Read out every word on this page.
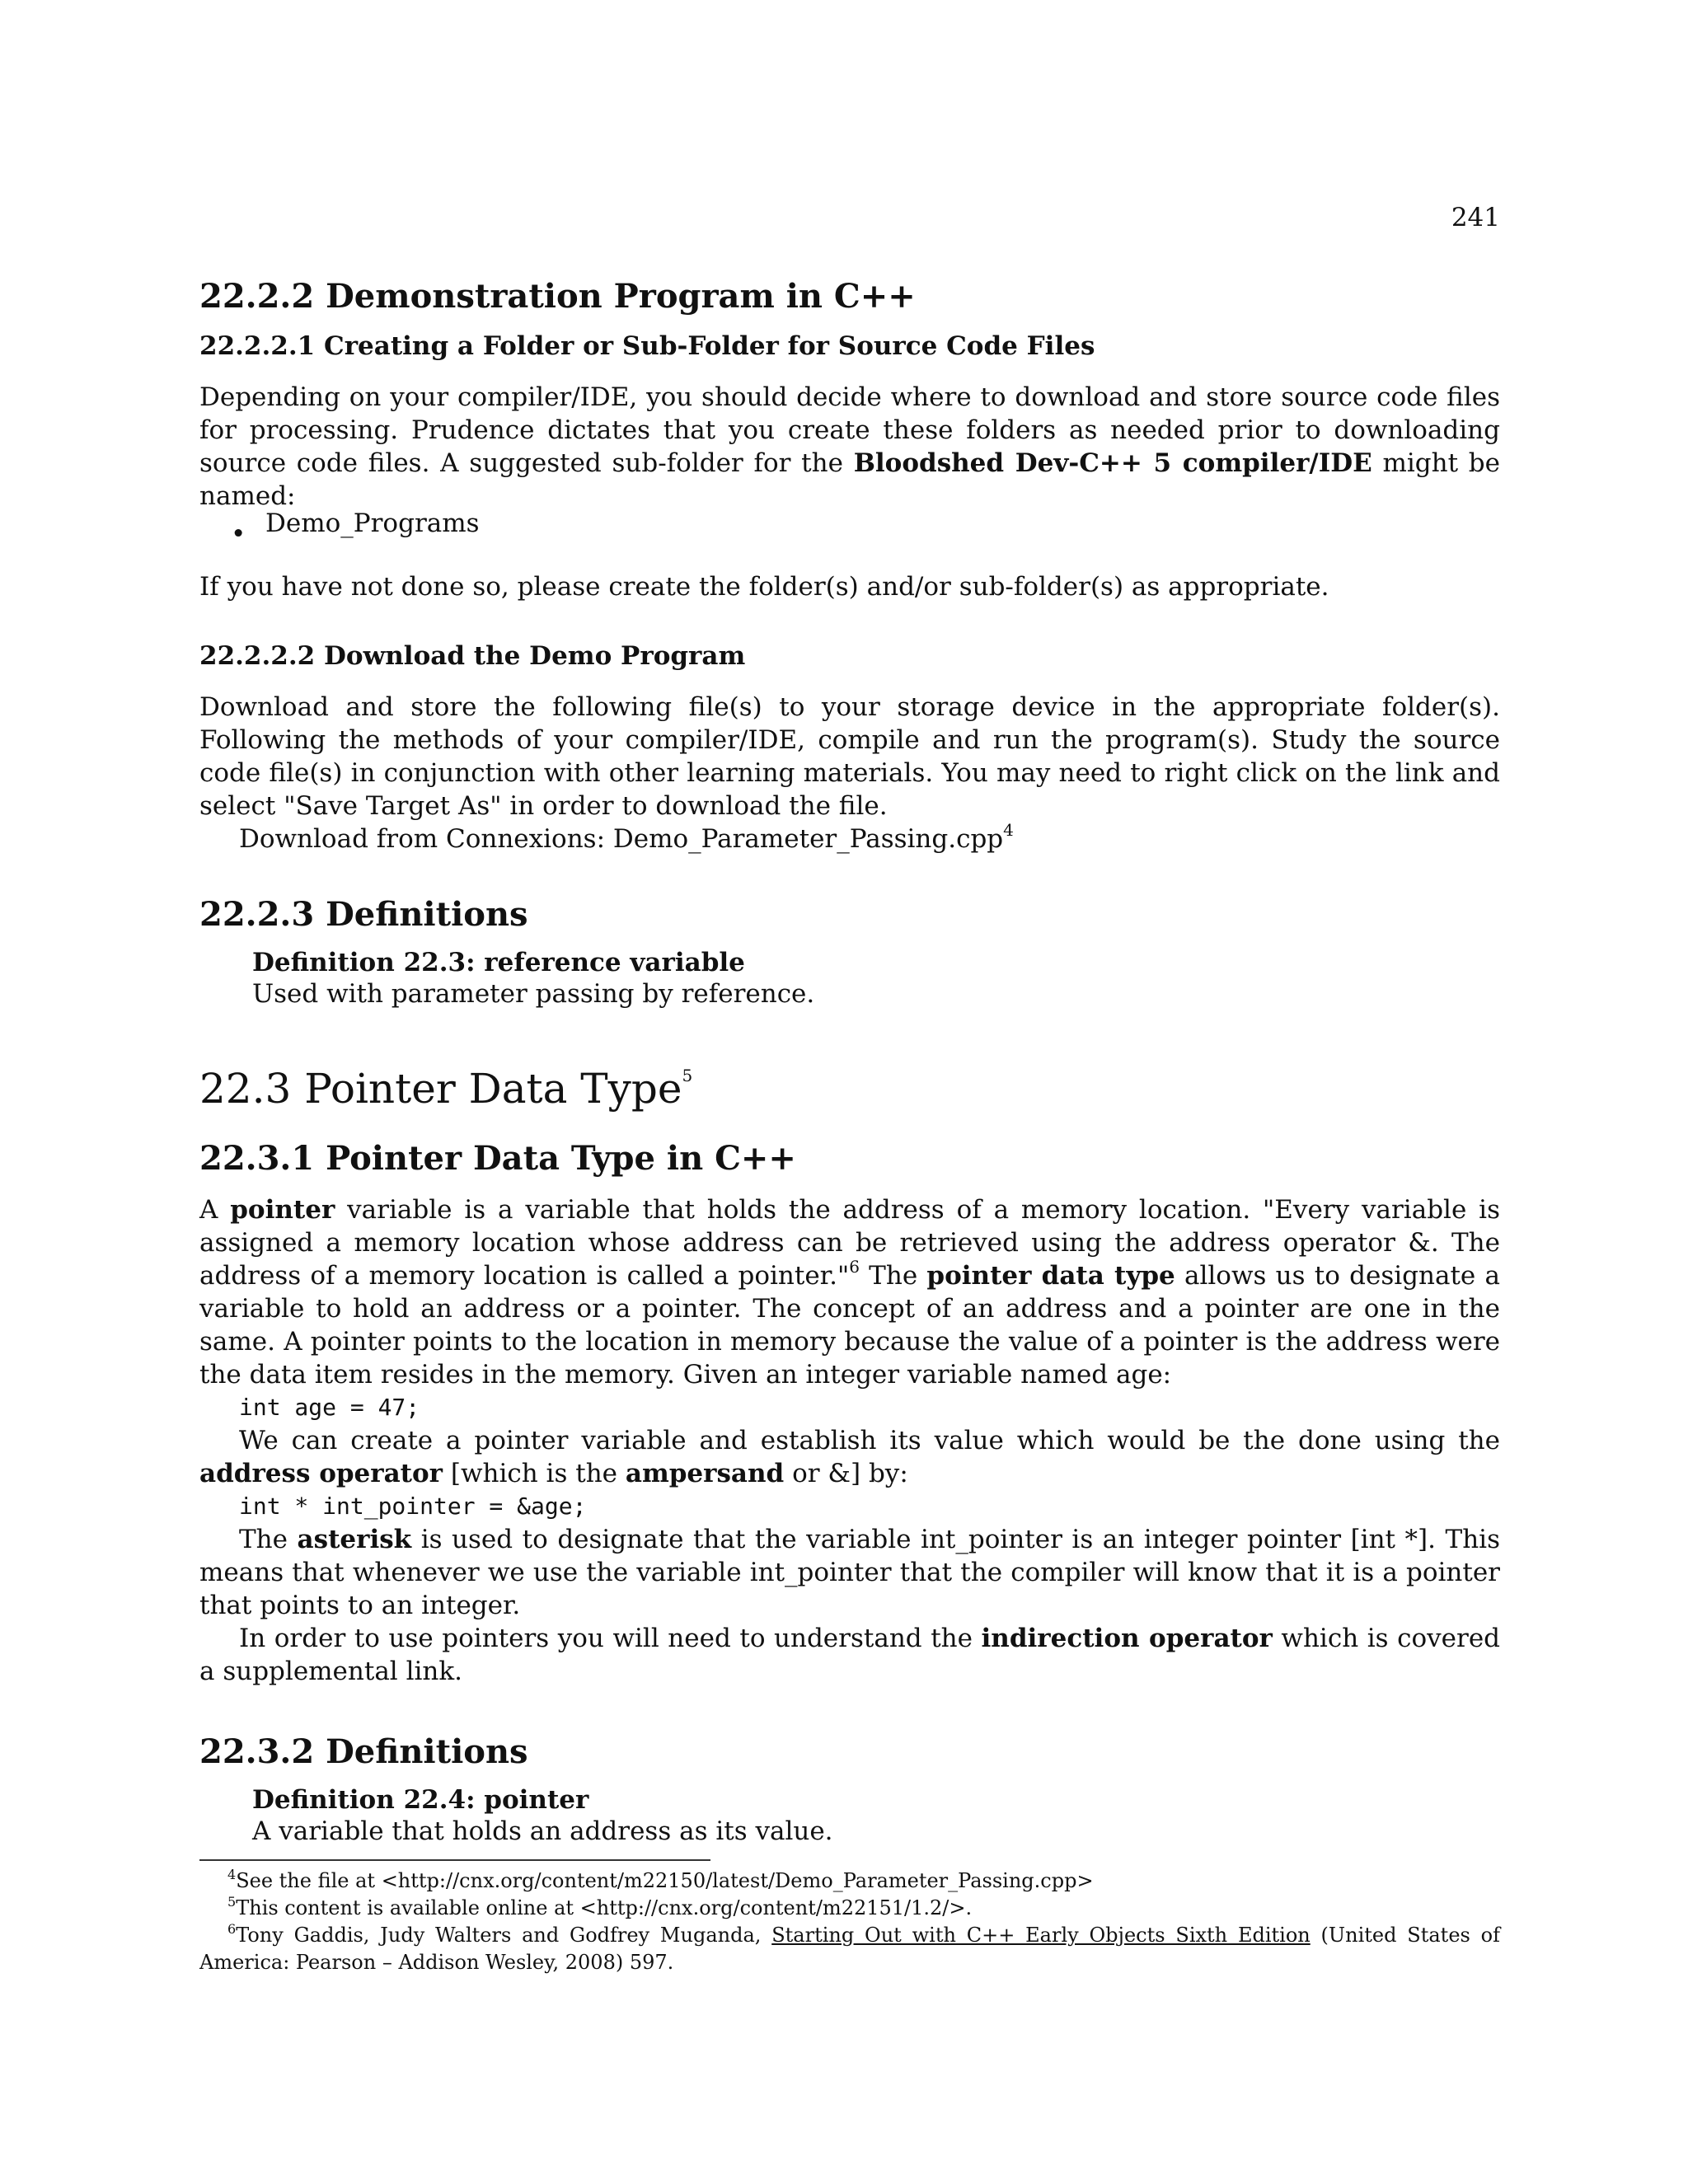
241
22.2.2 Demonstration Program in C++
22.2.2.1 Creating a Folder or Sub-Folder for Source Code Files

Depending on your compiler/IDE, you should decide where to download and store source code files for processing. Prudence dictates that you create these folders as needed prior to downloading source code files. A suggested sub-folder for the Bloodshed Dev-C++ 5 compiler/IDE might be named:

• Demo_Programs

If you have not done so, please create the folder(s) and/or sub-folder(s) as appropriate.

22.2.2.2 Download the Demo Program

Download and store the following file(s) to your storage device in the appropriate folder(s). Following the methods of your compiler/IDE, compile and run the program(s). Study the source code file(s) in conjunction with other learning materials. You may need to right click on the link and select "Save Target As" in order to download the file.

Download from Connexions: Demo_Parameter_Passing.cpp$^4$

22.2.3 Definitions
Definition 22.3: reference variable
Used with parameter passing by reference.
22.3 Pointer Data Type$^5$
22.3.1 Pointer Data Type in C++

A pointer variable is a variable that holds the address of a memory location. "Every variable is assigned a memory location whose address can be retrieved using the address operator &. The address of a memory location is called a pointer."$^6$ The pointer data type allows us to designate a variable to hold an address or a pointer. The concept of an address and a pointer are one in the same. A pointer points to the location in memory because the value of a pointer is the address were the data item resides in the memory. Given an integer variable named age:

int age = 47;

We can create a pointer variable and establish its value which would be the done using the address operator [which is the ampersand or &] by:

int * int_pointer = &age;

The asterisk is used to designate that the variable int_pointer is an integer pointer [int *]. This means that whenever we use the variable int_pointer that the compiler will know that it is a pointer that points to an integer.

In order to use pointers you will need to understand the indirection operator which is covered a supplemental link.

22.3.2 Definitions
Definition 22.4: pointer
A variable that holds an address as its value.

$^4$See the file at <http://cnx.org/content/m22150/latest/Demo_Parameter_Passing.cpp>

$^5$This content is available online at <http://cnx.org/content/m22151/1.2/>.

$^6$Tony Gaddis, Judy Walters and Godfrey Muganda, Starting Out with C++ Early Objects Sixth Edition (United States of America: Pearson – Addison Wesley, 2008) 597.
